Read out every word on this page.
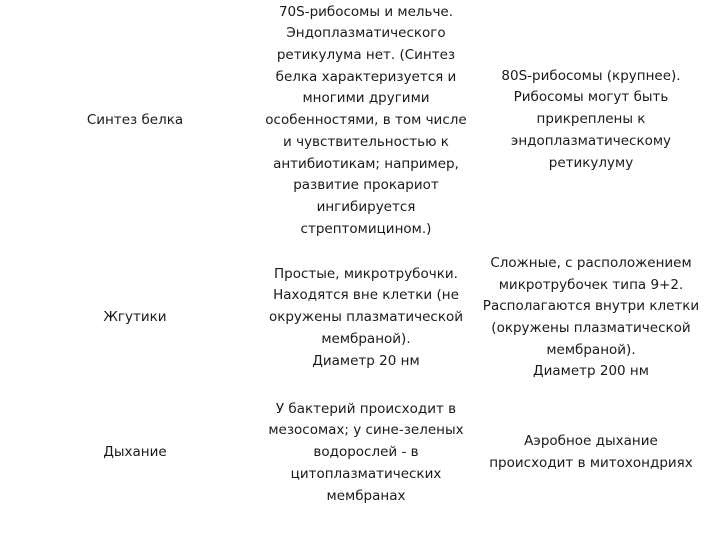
Синтез белка
70S-рибосомы и мельче.
Эндоплазматического
ретикулума нет. (Синтез
белка характеризуется и
многими другими
особенностями, в том числе
и чувствительностью к
антибиотикам; например,
развитие прокариот
ингибируется
стрептомицином.)
80S-рибосомы (крупнее).
Рибосомы могут быть
прикреплены к
эндоплазматическому
ретикулуму
Жгутики
Простые, микротрубочки.
Находятся вне клетки (не
окружены плазматической
мембраной).
Диаметр 20 нм
Сложные, с расположением
микротрубочек типа 9+2.
Располагаются внутри клетки
(окружены плазматической
мембраной).
Диаметр 200 нм
Дыхание
У бактерий происходит в
мезосомах; у сине-зеленых
водорослей - в
цитоплазматических
мембранах
Аэробное дыхание
происходит в митохондриях
